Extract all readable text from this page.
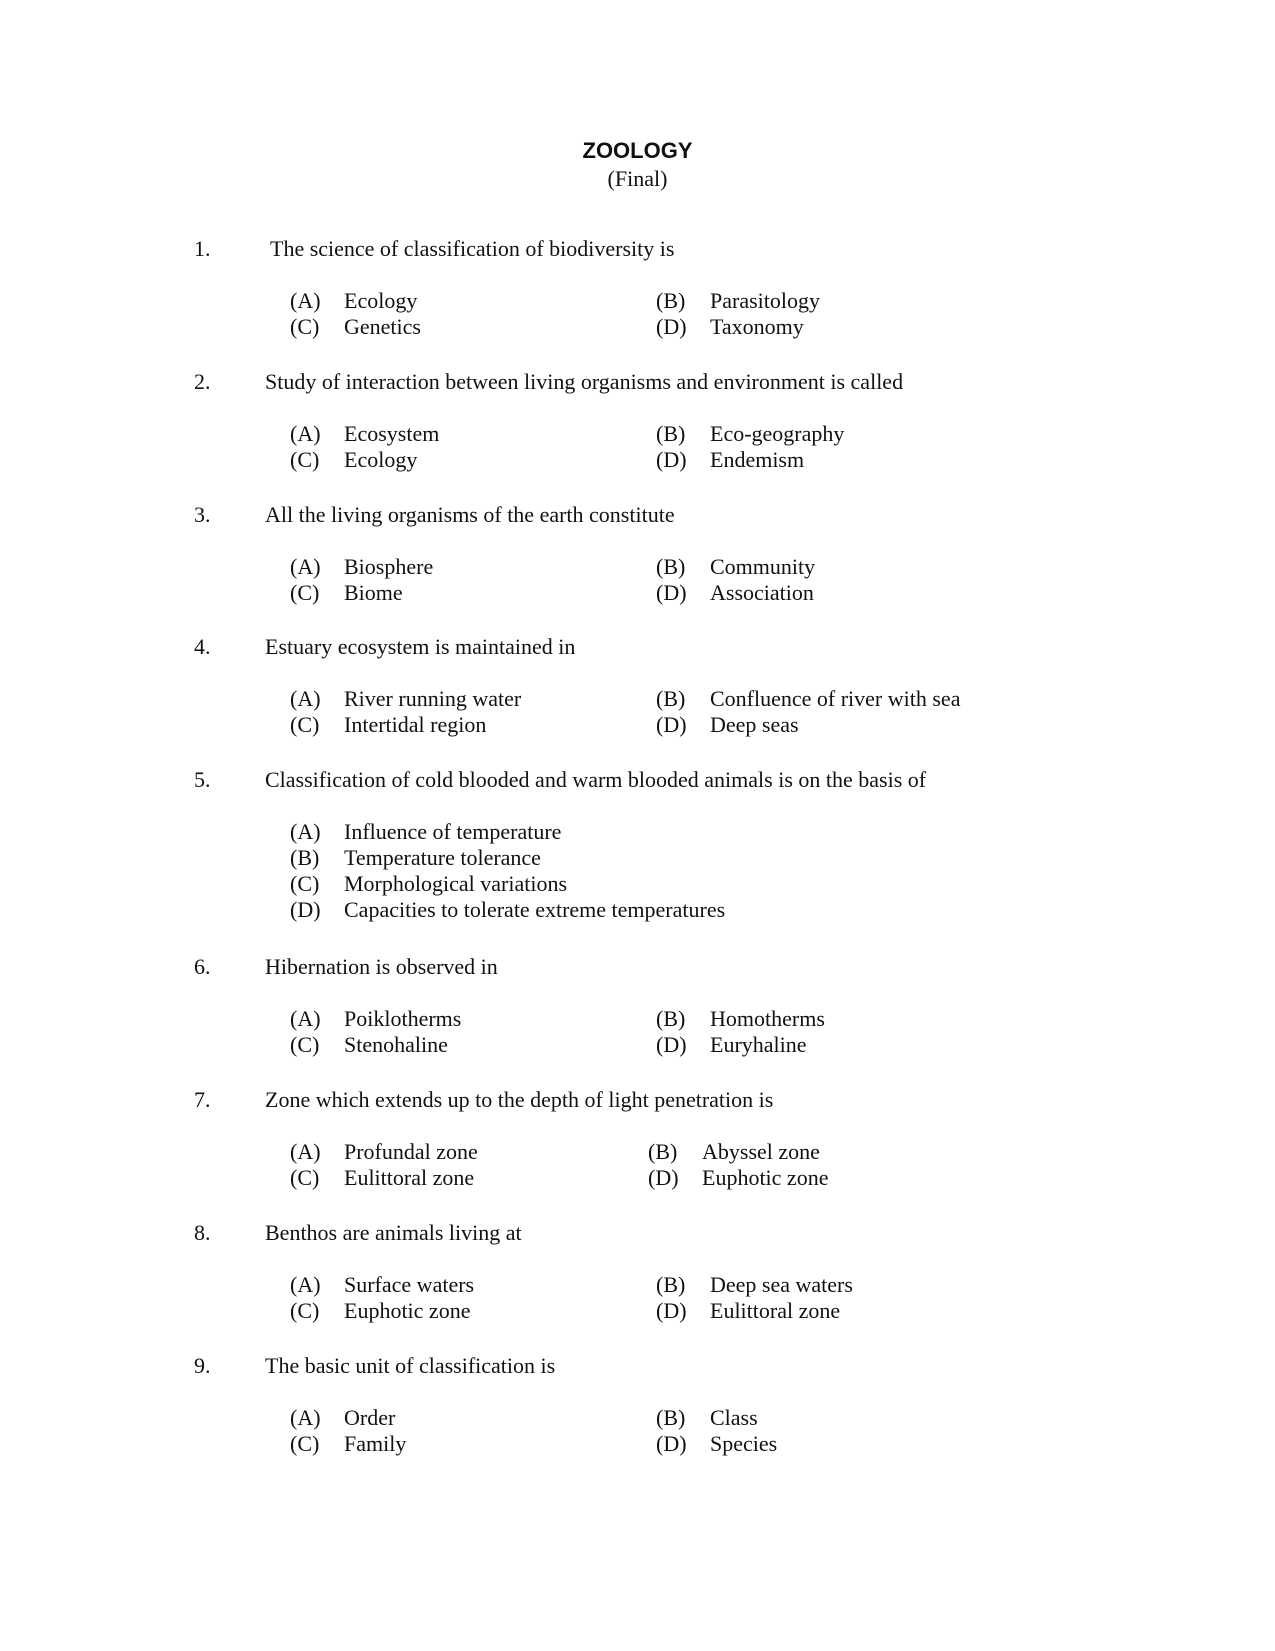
ZOOLOGY
(Final)
1.	The science of classification of biodiversity is
(A) Ecology	(B) Parasitology
(C) Genetics	(D) Taxonomy
2. Study of interaction between living organisms and environment is called
(A) Ecosystem	(B) Eco-geography
(C) Ecology	(D) Endemism
3. All the living organisms of the earth constitute
(A) Biosphere	(B) Community
(C) Biome	(D) Association
4. Estuary ecosystem is maintained in
(A) River running water	(B) Confluence of river with sea
(C) Intertidal region	(D) Deep seas
5. Classification of cold blooded and warm blooded animals is on the basis of
(A) Influence of temperature
(B) Temperature tolerance
(C) Morphological variations
(D) Capacities to tolerate extreme temperatures
6. Hibernation is observed in
(A) Poiklotherms	(B) Homotherms
(C) Stenohaline	(D) Euryhaline
7. Zone which extends up to the depth of light penetration is
(A) Profundal zone	(B) Abyssel zone
(C) Eulittoral zone	(D) Euphotic zone
8. Benthos are animals living at
(A) Surface waters	(B) Deep sea waters
(C) Euphotic zone	(D) Eulittoral zone
9. The basic unit of classification is
(A) Order	(B) Class
(C) Family	(D) Species
